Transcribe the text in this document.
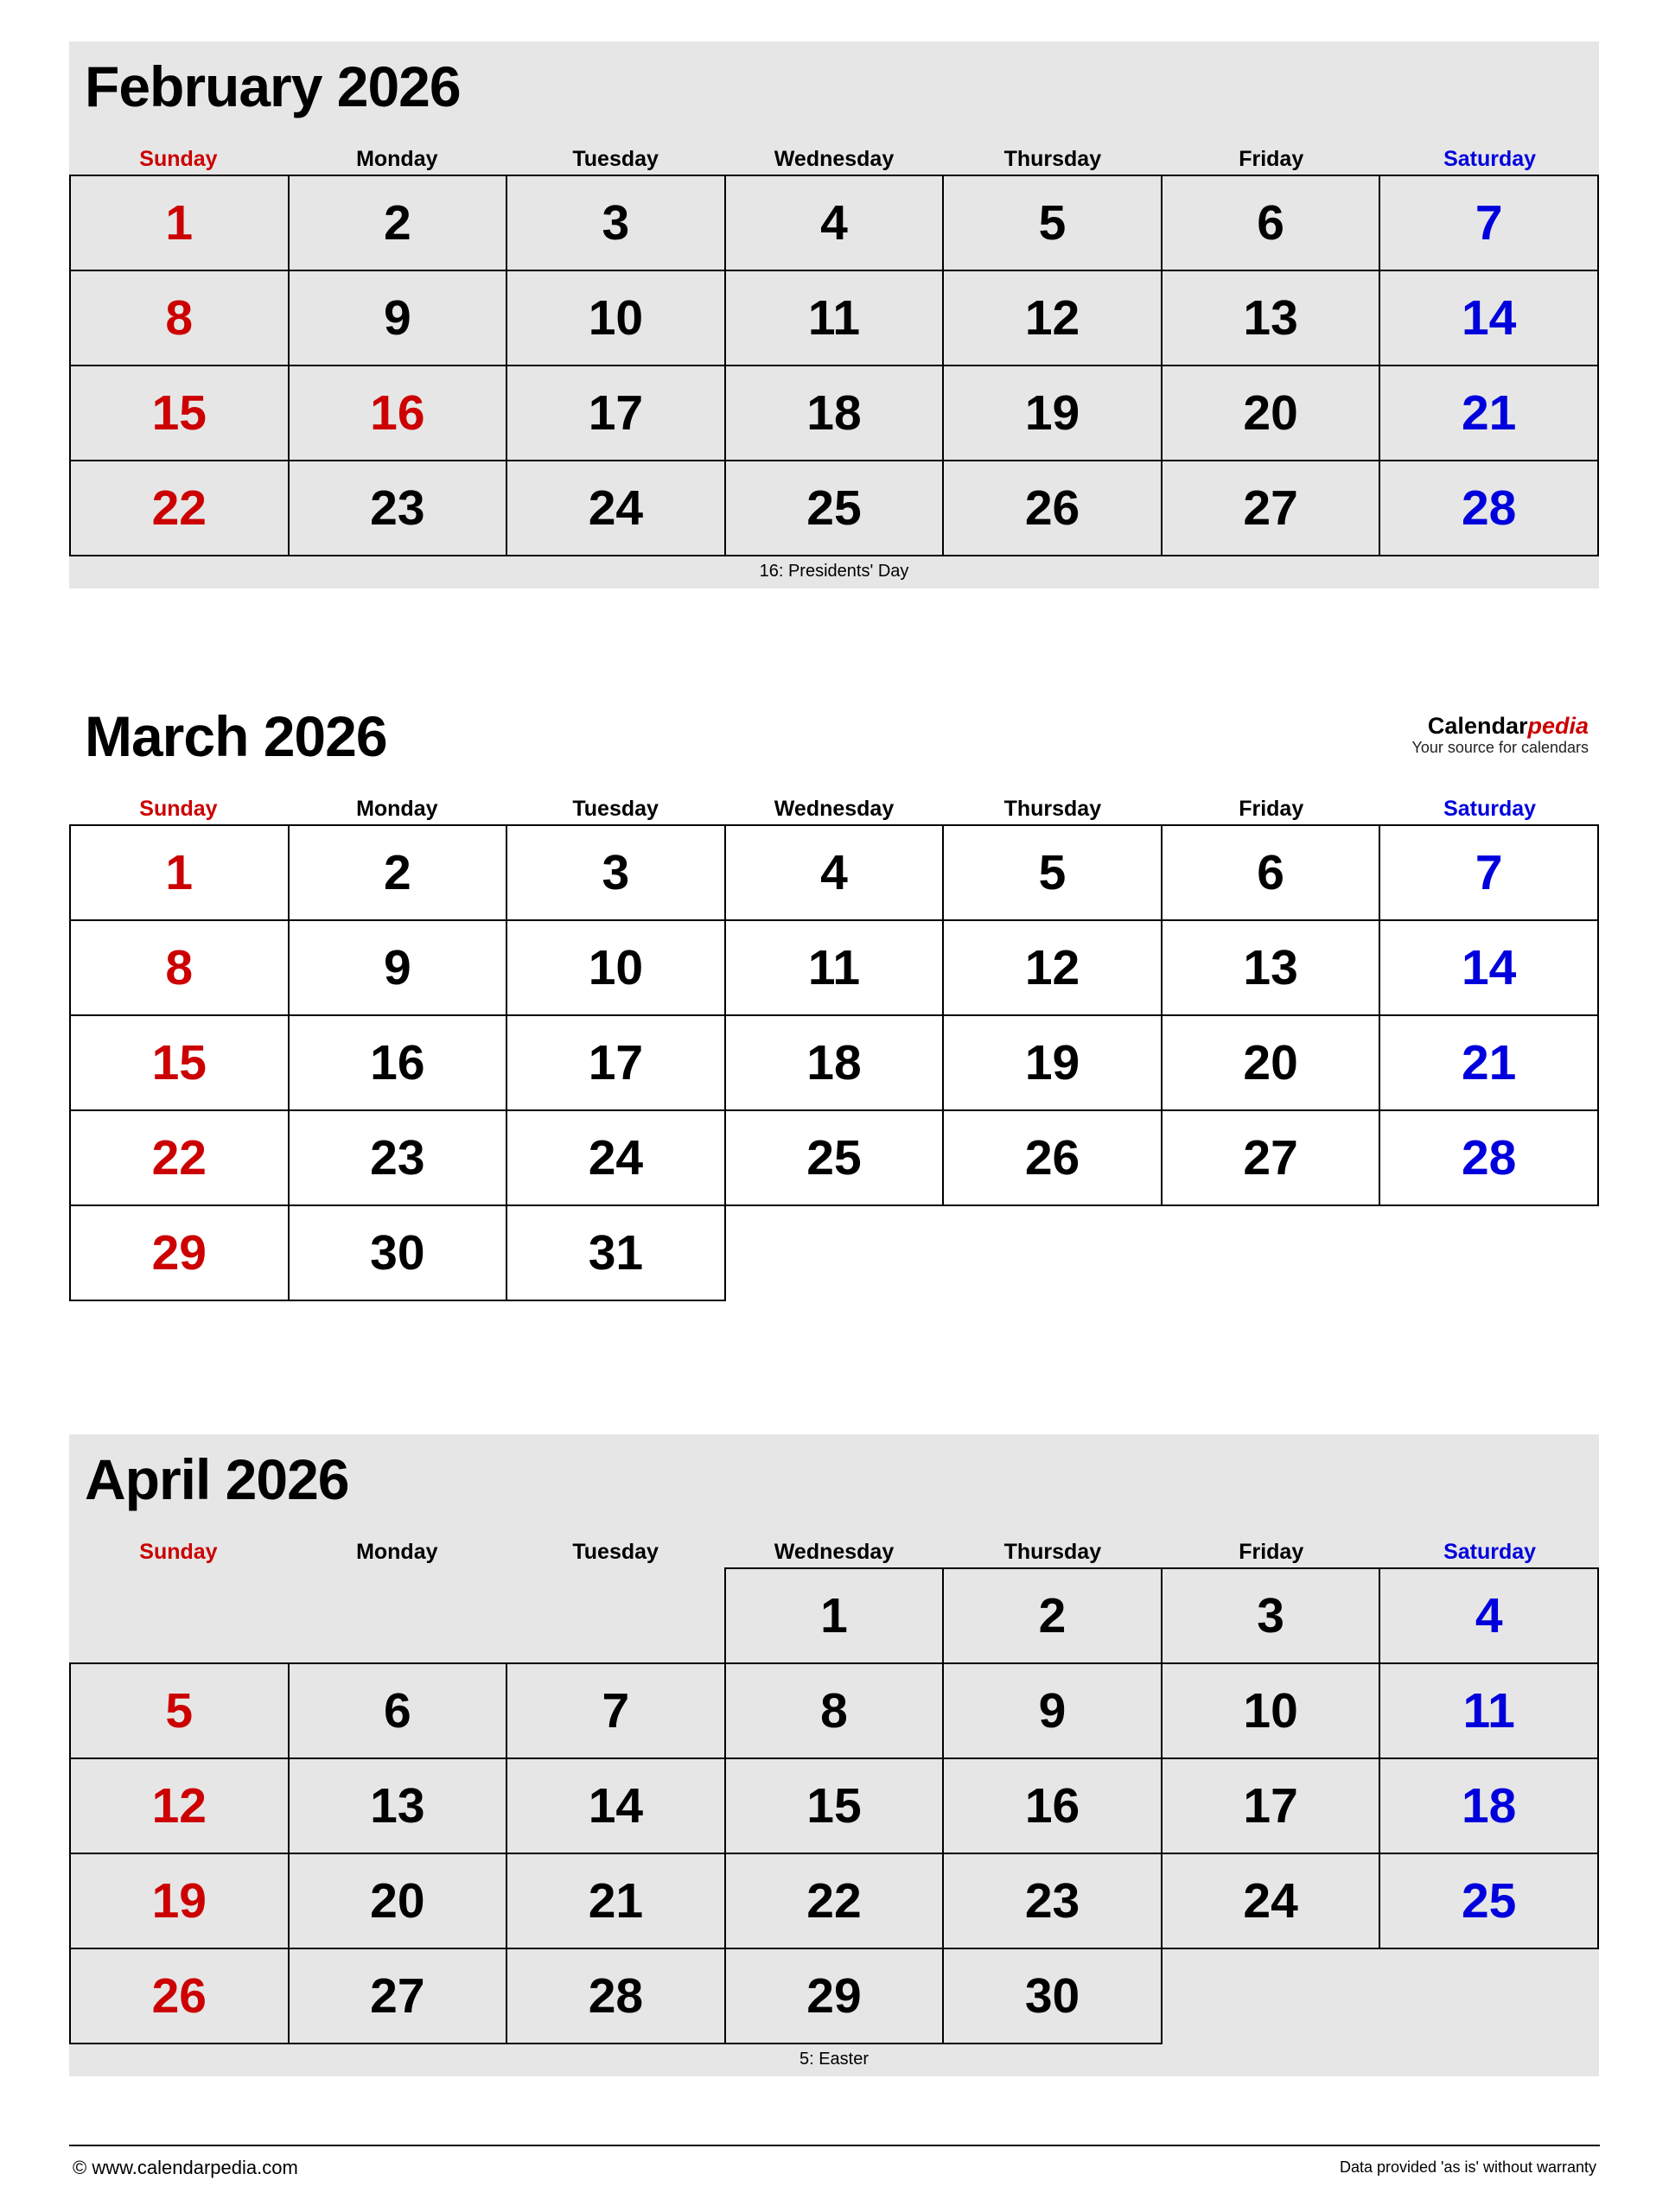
February 2026
Sunday	Monday	Tuesday	Wednesday	Thursday	Friday	Saturday
1	2	3	4	5	6	7
8	9	10	11	12	13	14
15	16	17	18	19	20	21
22	23	24	25	26	27	28
16: Presidents' Day
March 2026	Calendarpedia
Your source for calendars
Sunday	Monday	Tuesday	Wednesday	Thursday	Friday	Saturday
1	2	3	4	5	6	7
8	9	10	11	12	13	14
15	16	17	18	19	20	21
22	23	24	25	26	27	28
29	30	31				
April 2026
Sunday	Monday	Tuesday	Wednesday	Thursday	Friday	Saturday
			1	2	3	4
5	6	7	8	9	10	11
12	13	14	15	16	17	18
19	20	21	22	23	24	25
26	27	28	29	30		
5: Easter
© www.calendarpedia.com	Data provided 'as is' without warranty
